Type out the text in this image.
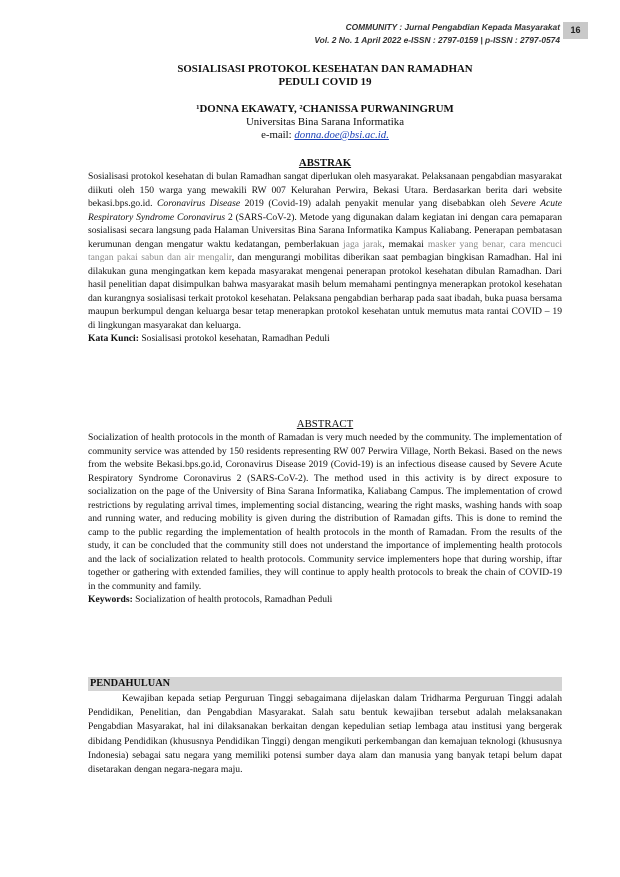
COMMUNITY : Jurnal Pengabdian Kepada Masyarakat
Vol. 2 No. 1 April 2022 e-ISSN : 2797-0159 | p-ISSN : 2797-0574
16
SOSIALISASI PROTOKOL KESEHATAN DAN RAMADHAN
PEDULI COVID 19
¹DONNA EKAWATY, ²CHANISSA PURWANINGRUM
Universitas Bina Sarana Informatika
e-mail: donna.doe@bsi.ac.id.
ABSTRAK
Sosialisasi protokol kesehatan di bulan Ramadhan sangat diperlukan oleh masyarakat. Pelaksanaan pengabdian masyarakat diikuti oleh 150 warga yang mewakili RW 007 Kelurahan Perwira, Bekasi Utara. Berdasarkan berita dari website bekasi.bps.go.id. Coronavirus Disease 2019 (Covid-19) adalah penyakit menular yang disebabkan oleh Severe Acute Respiratory Syndrome Coronavirus 2 (SARS-CoV-2). Metode yang digunakan dalam kegiatan ini dengan cara pemaparan sosialisasi secara langsung pada Halaman Universitas Bina Sarana Informatika Kampus Kaliabang. Penerapan pembatasan kerumunan dengan mengatur waktu kedatangan, pemberlakuan jaga jarak, memakai masker yang benar, cara mencuci tangan pakai sabun dan air mengalir, dan mengurangi mobilitas diberikan saat pembagian bingkisan Ramadhan. Hal ini dilakukan guna mengingatkan kem kepada masyarakat mengenai penerapan protokol kesehatan dibulan Ramadhan. Dari hasil penelitian dapat disimpulkan bahwa masyarakat masih belum memahami pentingnya menerapkan protokol kesehatan dan kurangnya sosialisasi terkait protokol kesehatan. Pelaksana pengabdian berharap pada saat ibadah, buka puasa bersama maupun berkumpul dengan keluarga besar tetap menerapkan protokol kesehatan untuk memutus mata rantai COVID – 19 di lingkungan masyarakat dan keluarga.
Kata Kunci: Sosialisasi protokol kesehatan, Ramadhan Peduli
ABSTRACT
Socialization of health protocols in the month of Ramadan is very much needed by the community. The implementation of community service was attended by 150 residents representing RW 007 Perwira Village, North Bekasi. Based on the news from the website Bekasi.bps.go.id, Coronavirus Disease 2019 (Covid-19) is an infectious disease caused by Severe Acute Respiratory Syndrome Coronavirus 2 (SARS-CoV-2). The method used in this activity is by direct exposure to socialization on the page of the University of Bina Sarana Informatika, Kaliabang Campus. The implementation of crowd restrictions by regulating arrival times, implementing social distancing, wearing the right masks, washing hands with soap and running water, and reducing mobility is given during the distribution of Ramadan gifts. This is done to remind the camp to the public regarding the implementation of health protocols in the month of Ramadan. From the results of the study, it can be concluded that the community still does not understand the importance of implementing health protocols and the lack of socialization related to health protocols. Community service implementers hope that during worship, iftar together or gathering with extended families, they will continue to apply health protocols to break the chain of COVID-19 in the community and family.
Keywords: Socialization of health protocols, Ramadhan Peduli
PENDAHULUAN
Kewajiban kepada setiap Perguruan Tinggi sebagaimana dijelaskan dalam Tridharma Perguruan Tinggi adalah Pendidikan, Penelitian, dan Pengabdian Masyarakat. Salah satu bentuk kewajiban tersebut adalah melaksanakan Pengabdian Masyarakat, hal ini dilaksanakan berkaitan dengan kepedulian setiap lembaga atau institusi yang bergerak dibidang Pendidikan (khususnya Pendidikan Tinggi) dengan mengikuti perkembangan dan kemajuan teknologi (khususnya Indonesia) sebagai satu negara yang memiliki potensi sumber daya alam dan manusia yang banyak tetapi belum dapat disetarakan dengan negara-negara maju.
